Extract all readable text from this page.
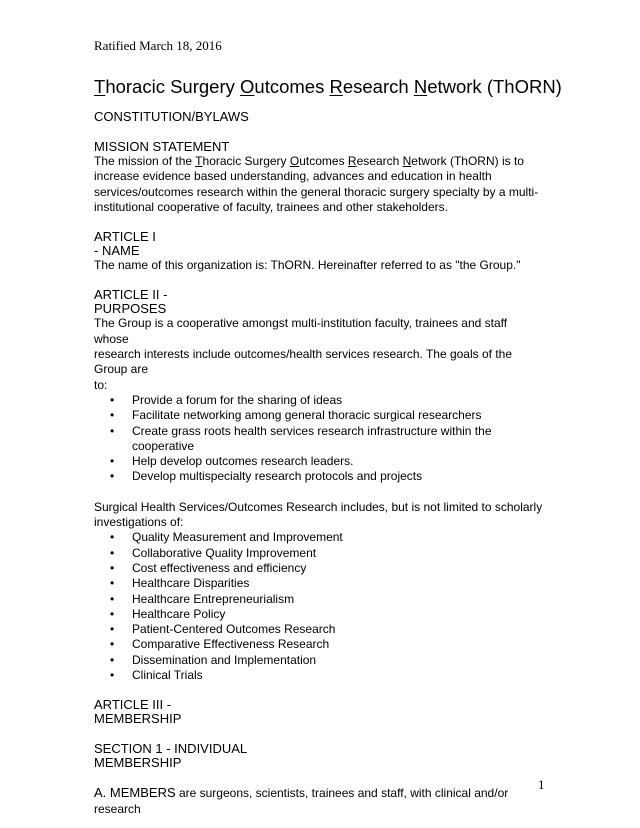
Ratified March 18, 2016
Thoracic Surgery Outcomes Research Network (ThORN)

CONSTITUTION/BYLAWS

MISSION STATEMENT

The mission of the Thoracic Surgery Outcomes Research Network (ThORN) is to

increase evidence based understanding, advances and education in health

services/outcomes research within the general thoracic surgery specialty by a multi-

institutional cooperative of faculty, trainees and other stakeholders.

ARTICLE I

- NAME

The name of this organization is: ThORN. Hereinafter referred to as "the Group."

ARTICLE II -

PURPOSES

The Group is a cooperative amongst multi-institution faculty, trainees and staff whose

research interests include outcomes/health services research. The goals of the Group are

to:

• Provide a forum for the sharing of ideas
• Facilitate networking among general thoracic surgical researchers
• Create grass roots health services research infrastructure within the cooperative
• Help develop outcomes research leaders.
• Develop multispecialty research protocols and projects

Surgical Health Services/Outcomes Research includes, but is not limited to scholarly

investigations of:

• Quality Measurement and Improvement
• Collaborative Quality Improvement
• Cost effectiveness and efficiency
• Healthcare Disparities
• Healthcare Entrepreneurialism
• Healthcare Policy
• Patient-Centered Outcomes Research
• Comparative Effectiveness Research
• Dissemination and Implementation
• Clinical Trials

ARTICLE III -

MEMBERSHIP

SECTION 1 - INDIVIDUAL

MEMBERSHIP

A. MEMBERS are surgeons, scientists, trainees and staff, with clinical and/or research

1
